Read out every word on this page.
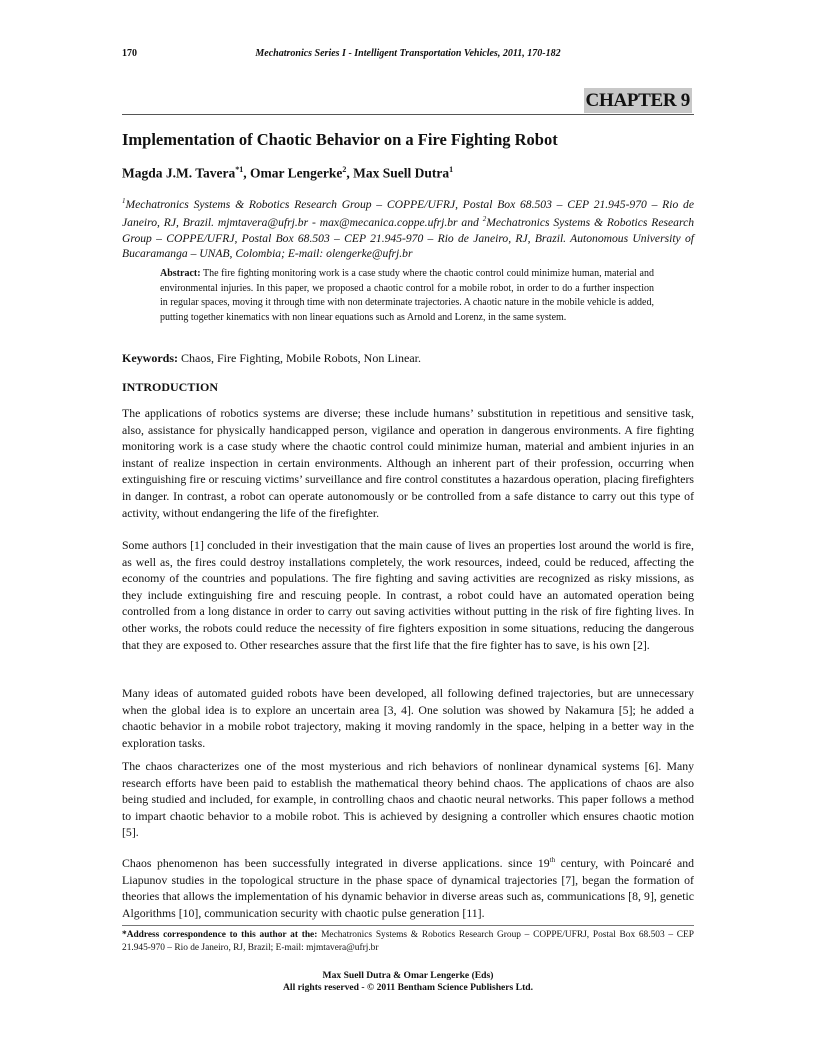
170	Mechatronics Series I - Intelligent Transportation Vehicles, 2011, 170-182
CHAPTER 9
Implementation of Chaotic Behavior on a Fire Fighting Robot
Magda J.M. Tavera$^{*1}$, Omar Lengerke$^2$, Max Suell Dutra$^1$
$^1$Mechatronics Systems & Robotics Research Group – COPPE/UFRJ, Postal Box 68.503 – CEP 21.945-970 – Rio de Janeiro, RJ, Brazil. mjmtavera@ufrj.br - max@mecanica.coppe.ufrj.br and $^2$Mechatronics Systems & Robotics Research Group – COPPE/UFRJ, Postal Box 68.503 – CEP 21.945-970 – Rio de Janeiro, RJ, Brazil. Autonomous University of Bucaramanga – UNAB, Colombia; E-mail: olengerke@ufrj.br
Abstract: The fire fighting monitoring work is a case study where the chaotic control could minimize human, material and environmental injuries. In this paper, we proposed a chaotic control for a mobile robot, in order to do a further inspection in regular spaces, moving it through time with non determinate trajectories. A chaotic nature in the mobile vehicle is added, putting together kinematics with non linear equations such as Arnold and Lorenz, in the same system.
Keywords: Chaos, Fire Fighting, Mobile Robots, Non Linear.
INTRODUCTION

The applications of robotics systems are diverse; these include humans’ substitution in repetitious and sensitive task, also, assistance for physically handicapped person, vigilance and operation in dangerous environments. A fire fighting monitoring work is a case study where the chaotic control could minimize human, material and ambient injuries in an instant of realize inspection in certain environments. Although an inherent part of their profession, occurring when extinguishing fire or rescuing victims’ surveillance and fire control constitutes a hazardous operation, placing firefighters in danger. In contrast, a robot can operate autonomously or be controlled from a safe distance to carry out this type of activity, without endangering the life of the firefighter.

Some authors [1] concluded in their investigation that the main cause of lives an properties lost around the world is fire, as well as, the fires could destroy installations completely, the work resources, indeed, could be reduced, affecting the economy of the countries and populations. The fire fighting and saving activities are recognized as risky missions, as they include extinguishing fire and rescuing people. In contrast, a robot could have an automated operation being controlled from a long distance in order to carry out saving activities without putting in the risk of fire fighting lives. In other works, the robots could reduce the necessity of fire fighters exposition in some situations, reducing the dangerous that they are exposed to. Other researches assure that the first life that the fire fighter has to save, is his own [2].

Many ideas of automated guided robots have been developed, all following defined trajectories, but are unnecessary when the global idea is to explore an uncertain area [3, 4]. One solution was showed by Nakamura [5]; he added a chaotic behavior in a mobile robot trajectory, making it moving randomly in the space, helping in a better way in the exploration tasks.

The chaos characterizes one of the most mysterious and rich behaviors of nonlinear dynamical systems [6]. Many research efforts have been paid to establish the mathematical theory behind chaos. The applications of chaos are also being studied and included, for example, in controlling chaos and chaotic neural networks. This paper follows a method to impart chaotic behavior to a mobile robot. This is achieved by designing a controller which ensures chaotic motion [5].

Chaos phenomenon has been successfully integrated in diverse applications. since 19th century, with Poincaré and Liapunov studies in the topological structure in the phase space of dynamical trajectories [7], began the formation of theories that allows the implementation of his dynamic behavior in diverse areas such as, communications [8, 9], genetic Algorithms [10], communication security with chaotic pulse generation [11].

*Address correspondence to this author at the: Mechatronics Systems & Robotics Research Group – COPPE/UFRJ, Postal Box 68.503 – CEP 21.945-970 – Rio de Janeiro, RJ, Brazil; E-mail: mjmtavera@ufrj.br
Max Suell Dutra & Omar Lengerke (Eds)
All rights reserved - © 2011 Bentham Science Publishers Ltd.
